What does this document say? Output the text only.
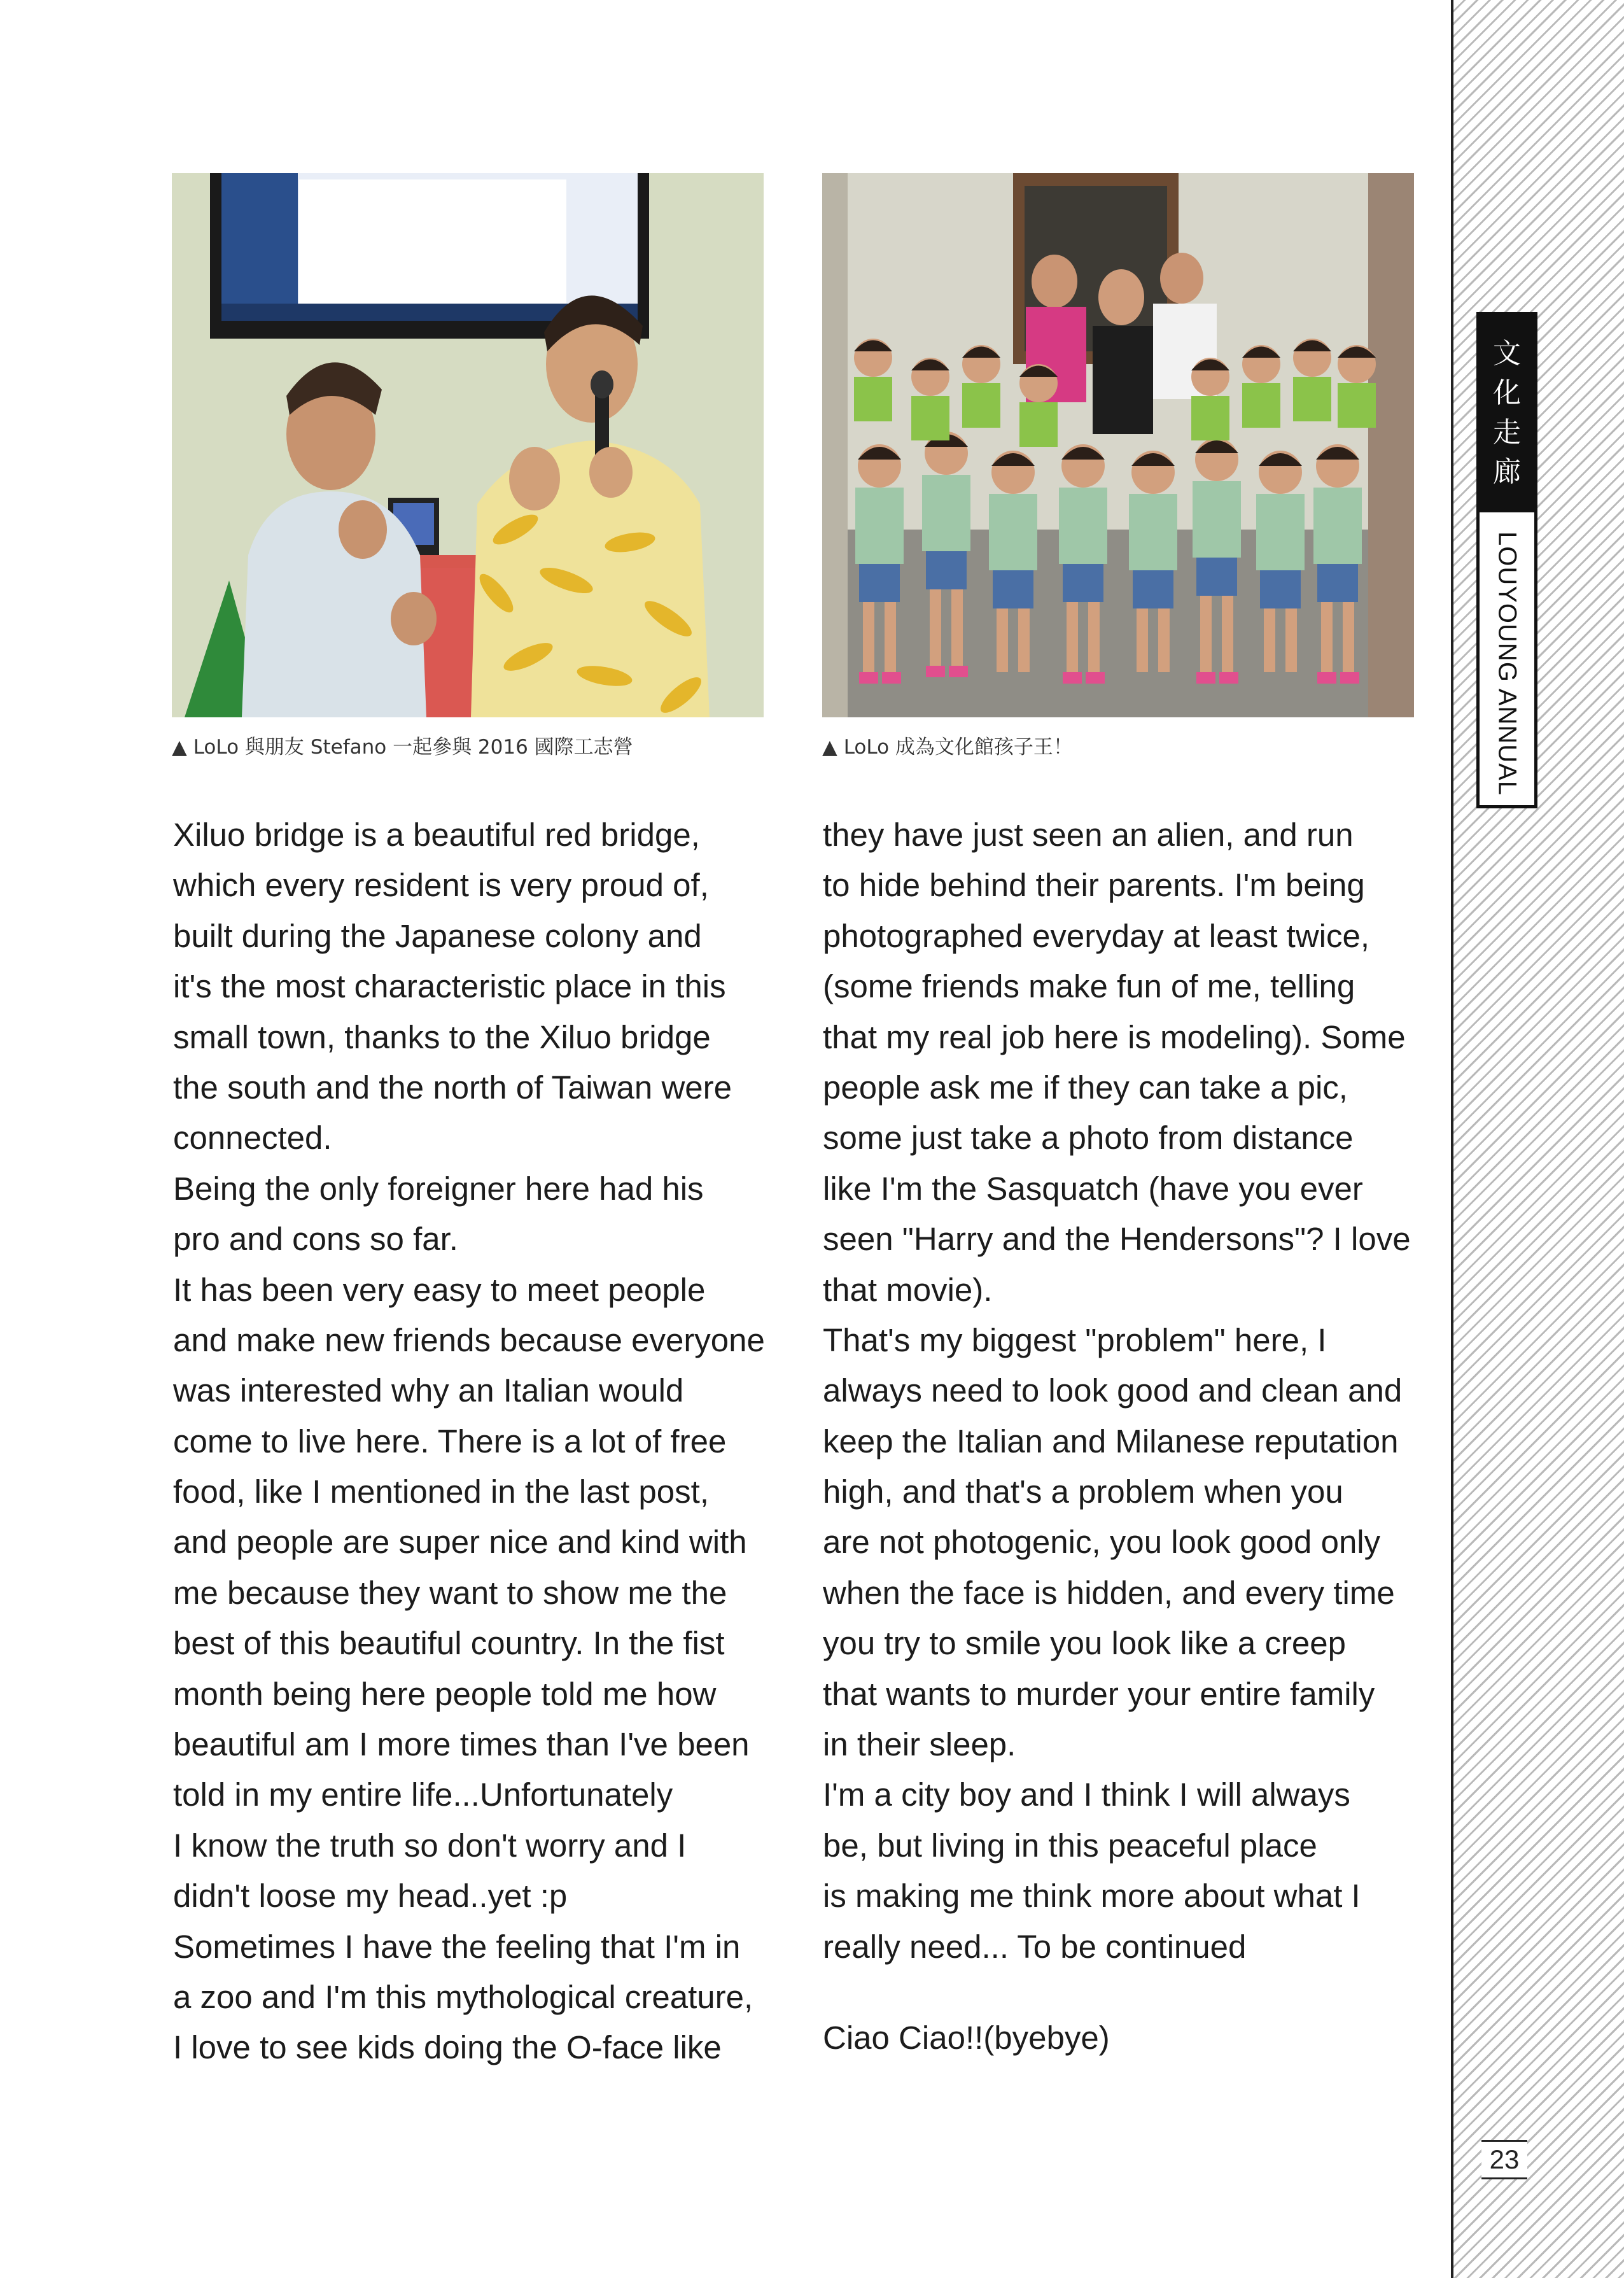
▲ LoLo 與朋友 Stefano 一起參與 2016 國際工志營	▲ LoLo 成為文化館孩子王！
Xiluo bridge is a beautiful red bridge,
which every resident is very proud of,
built during the Japanese colony and
it's the most characteristic place in this
small town, thanks to the Xiluo bridge
the south and the north of Taiwan were
connected.
Being the only foreigner here had his
pro and cons so far.
It has been very easy to meet people
and make new friends because everyone
was interested why an Italian would
come to live here. There is a lot of free
food, like I mentioned in the last post,
and people are super nice and kind with
me because they want to show me the
best of this beautiful country. In the fist
month being here people told me how
beautiful am I more times than I've been
told in my entire life...Unfortunately
I know the truth so don't worry and I
didn't loose my head..yet :p
Sometimes I have the feeling that I'm in
a zoo and I'm this mythological creature,
I love to see kids doing the O-face like
they have just seen an alien, and run
to hide behind their parents. I'm being
photographed everyday at least twice,
(some friends make fun of me, telling
that my real job here is modeling). Some
people ask me if they can take a pic,
some just take a photo from distance
like I'm the Sasquatch (have you ever
seen "Harry and the Hendersons"? I love
that movie).
That's my biggest "problem" here, I
always need to look good and clean and
keep the Italian and Milanese reputation
high, and that's a problem when you
are not photogenic, you look good only
when the face is hidden, and every time
you try to smile you look like a creep
that wants to murder your entire family
in their sleep.
I'm a city boy and I think I will always
be, but living in this peaceful place
is making me think more about what I
really need... To be continued
Ciao Ciao!!(byebye)
文
化
走
廊
LOUYOUNG ANNUAL
23
